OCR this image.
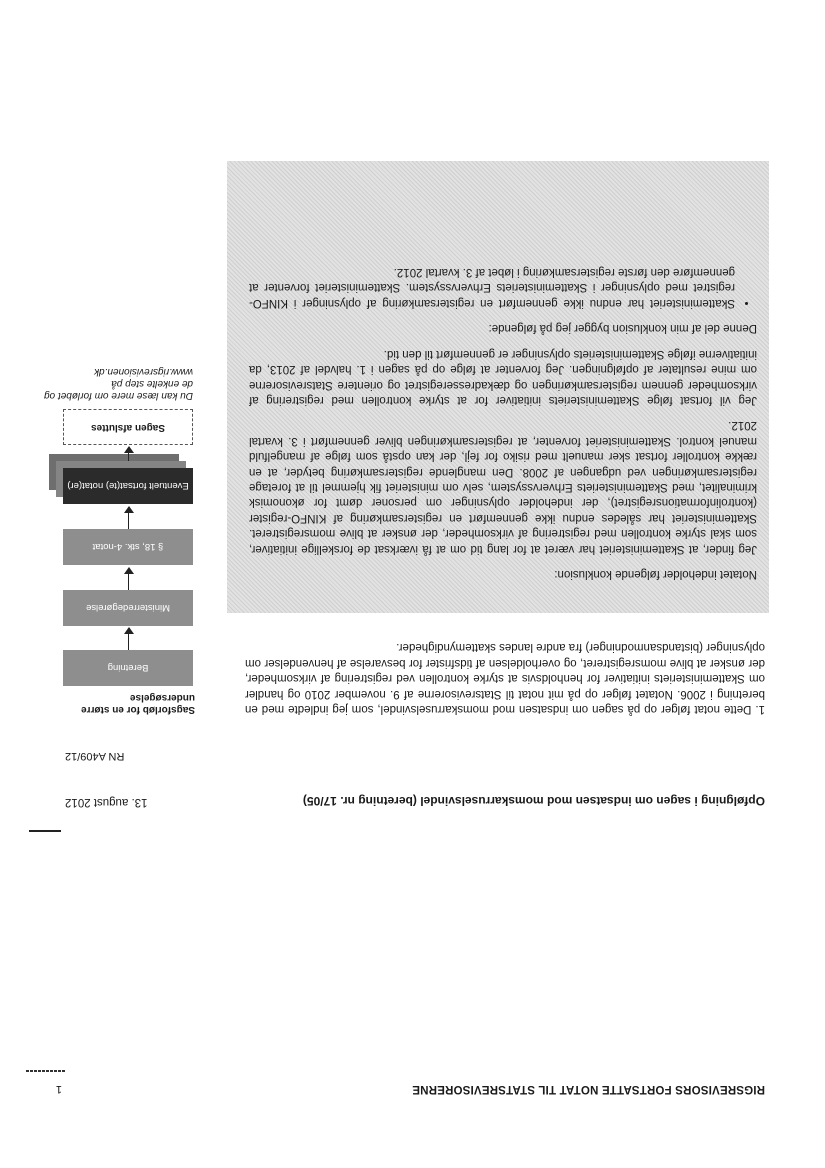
RIGSREVISORS FORTSATTE NOTAT TIL STATSREVISORERNE
1
Opfølgning i sagen om indsatsen mod momskarruselsvindel (beretning nr. 17/05)
13. august 2012
RN A409/12
1. Dette notat følger op på sagen om indsatsen mod momskarruselsvindel, som jeg indledte med en beretning i 2006. Notatet følger op på mit notat til Statsrevisorerne af 9. november 2010 og handler om Skatteministeriets initiativer for henholdsvis at styrke kontrollen ved registrering af virksomheder, der ønsker at blive momsregistreret, og overholdelsen af tidsfrister for besvarelse af henvendelser om oplysninger (bistandsanmodninger) fra andre landes skattemyndigheder.

Notatet indeholder følgende konklusion:

Jeg finder, at Skatteministeriet har været at for lang tid om at få iværksat de forskellige initiativer, som skal styrke kontrollen med registrering af virksomheder, der ønsker at blive momsregistreret. Skatteministeriet har således endnu ikke gennemført en registersamkøring af KINFO-register (kontrolinformationsregistret), der indeholder oplysninger om personer dømt for økonomisk kriminalitet, med Skatteministeriets Erhvervssystem, selv om ministeriet fik hjemmel til at foretage registersamkøringen ved udgangen af 2008. Den manglende registersamkøring betyder, at en række kontroller fortsat sker manuelt med risiko for fejl, der kan opstå som følge af mangelfuld manuel kontrol. Skatteministeriet forventer, at registersamkøringen bliver gennemført i 3. kvartal 2012.

Jeg vil fortsat følge Skatteministeriets initiativer for at styrke kontrollen med registrering af virksomheder gennem registersamkøringen og dækadresseregistret og orientere Statsrevisorerne om mine resultater af opfølgningen. Jeg forventer at følge op på sagen i 1. halvdel af 2013, da initiativerne ifølge Skatteministeriets oplysninger er gennemført til den tid.

Denne del af min konklusion bygger jeg på følgende:

• Skatteministeriet har endnu ikke gennemført en registersamkøring af oplysninger i KINFO-registret med oplysninger i Skatteministeriets Erhvervssystem. Skatteministeriet forventer at gennemføre den første registersamkøring i løbet af 3. kvartal 2012.
Sagsforløb for en større undersøgelse
Beretning
Ministerredegørelse
§ 18, stk. 4-notat
Eventuelt fortsat(te) notat(er)
Sagen afsluttes
Du kan læse mere om forløbet og de enkelte step på www.rigsrevisionen.dk
